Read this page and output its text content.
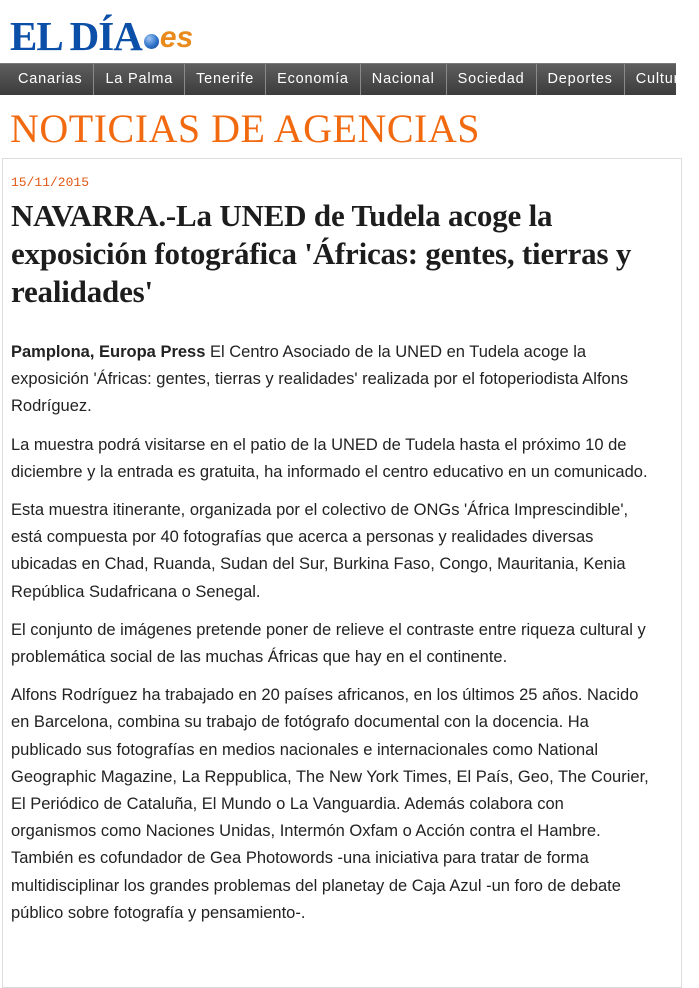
EL DÍA es
Canarias	La Palma	Tenerife	Economía	Nacional	Sociedad	Deportes	Cultura
NOTICIAS DE AGENCIAS
15/11/2015
NAVARRA.-La UNED de Tudela acoge la exposición fotográfica 'Áfricas: gentes, tierras y realidades'

Pamplona, Europa Press El Centro Asociado de la UNED en Tudela acoge la exposición 'Áfricas: gentes, tierras y realidades' realizada por el fotoperiodista Alfons Rodríguez.

La muestra podrá visitarse en el patio de la UNED de Tudela hasta el próximo 10 de diciembre y la entrada es gratuita, ha informado el centro educativo en un comunicado.

Esta muestra itinerante, organizada por el colectivo de ONGs 'África Imprescindible', está compuesta por 40 fotografías que acerca a personas y realidades diversas ubicadas en Chad, Ruanda, Sudan del Sur, Burkina Faso, Congo, Mauritania, Kenia República Sudafricana o Senegal.

El conjunto de imágenes pretende poner de relieve el contraste entre riqueza cultural y problemática social de las muchas Áfricas que hay en el continente.

Alfons Rodríguez ha trabajado en 20 países africanos, en los últimos 25 años. Nacido en Barcelona, combina su trabajo de fotógrafo documental con la docencia. Ha publicado sus fotografías en medios nacionales e internacionales como National Geographic Magazine, La Reppublica, The New York Times, El País, Geo, The Courier, El Periódico de Cataluña, El Mundo o La Vanguardia. Además colabora con organismos como Naciones Unidas, Intermón Oxfam o Acción contra el Hambre. También es cofundador de Gea Photowords -una iniciativa para tratar de forma multidisciplinar los grandes problemas del planetay de Caja Azul -un foro de debate público sobre fotografía y pensamiento-.
